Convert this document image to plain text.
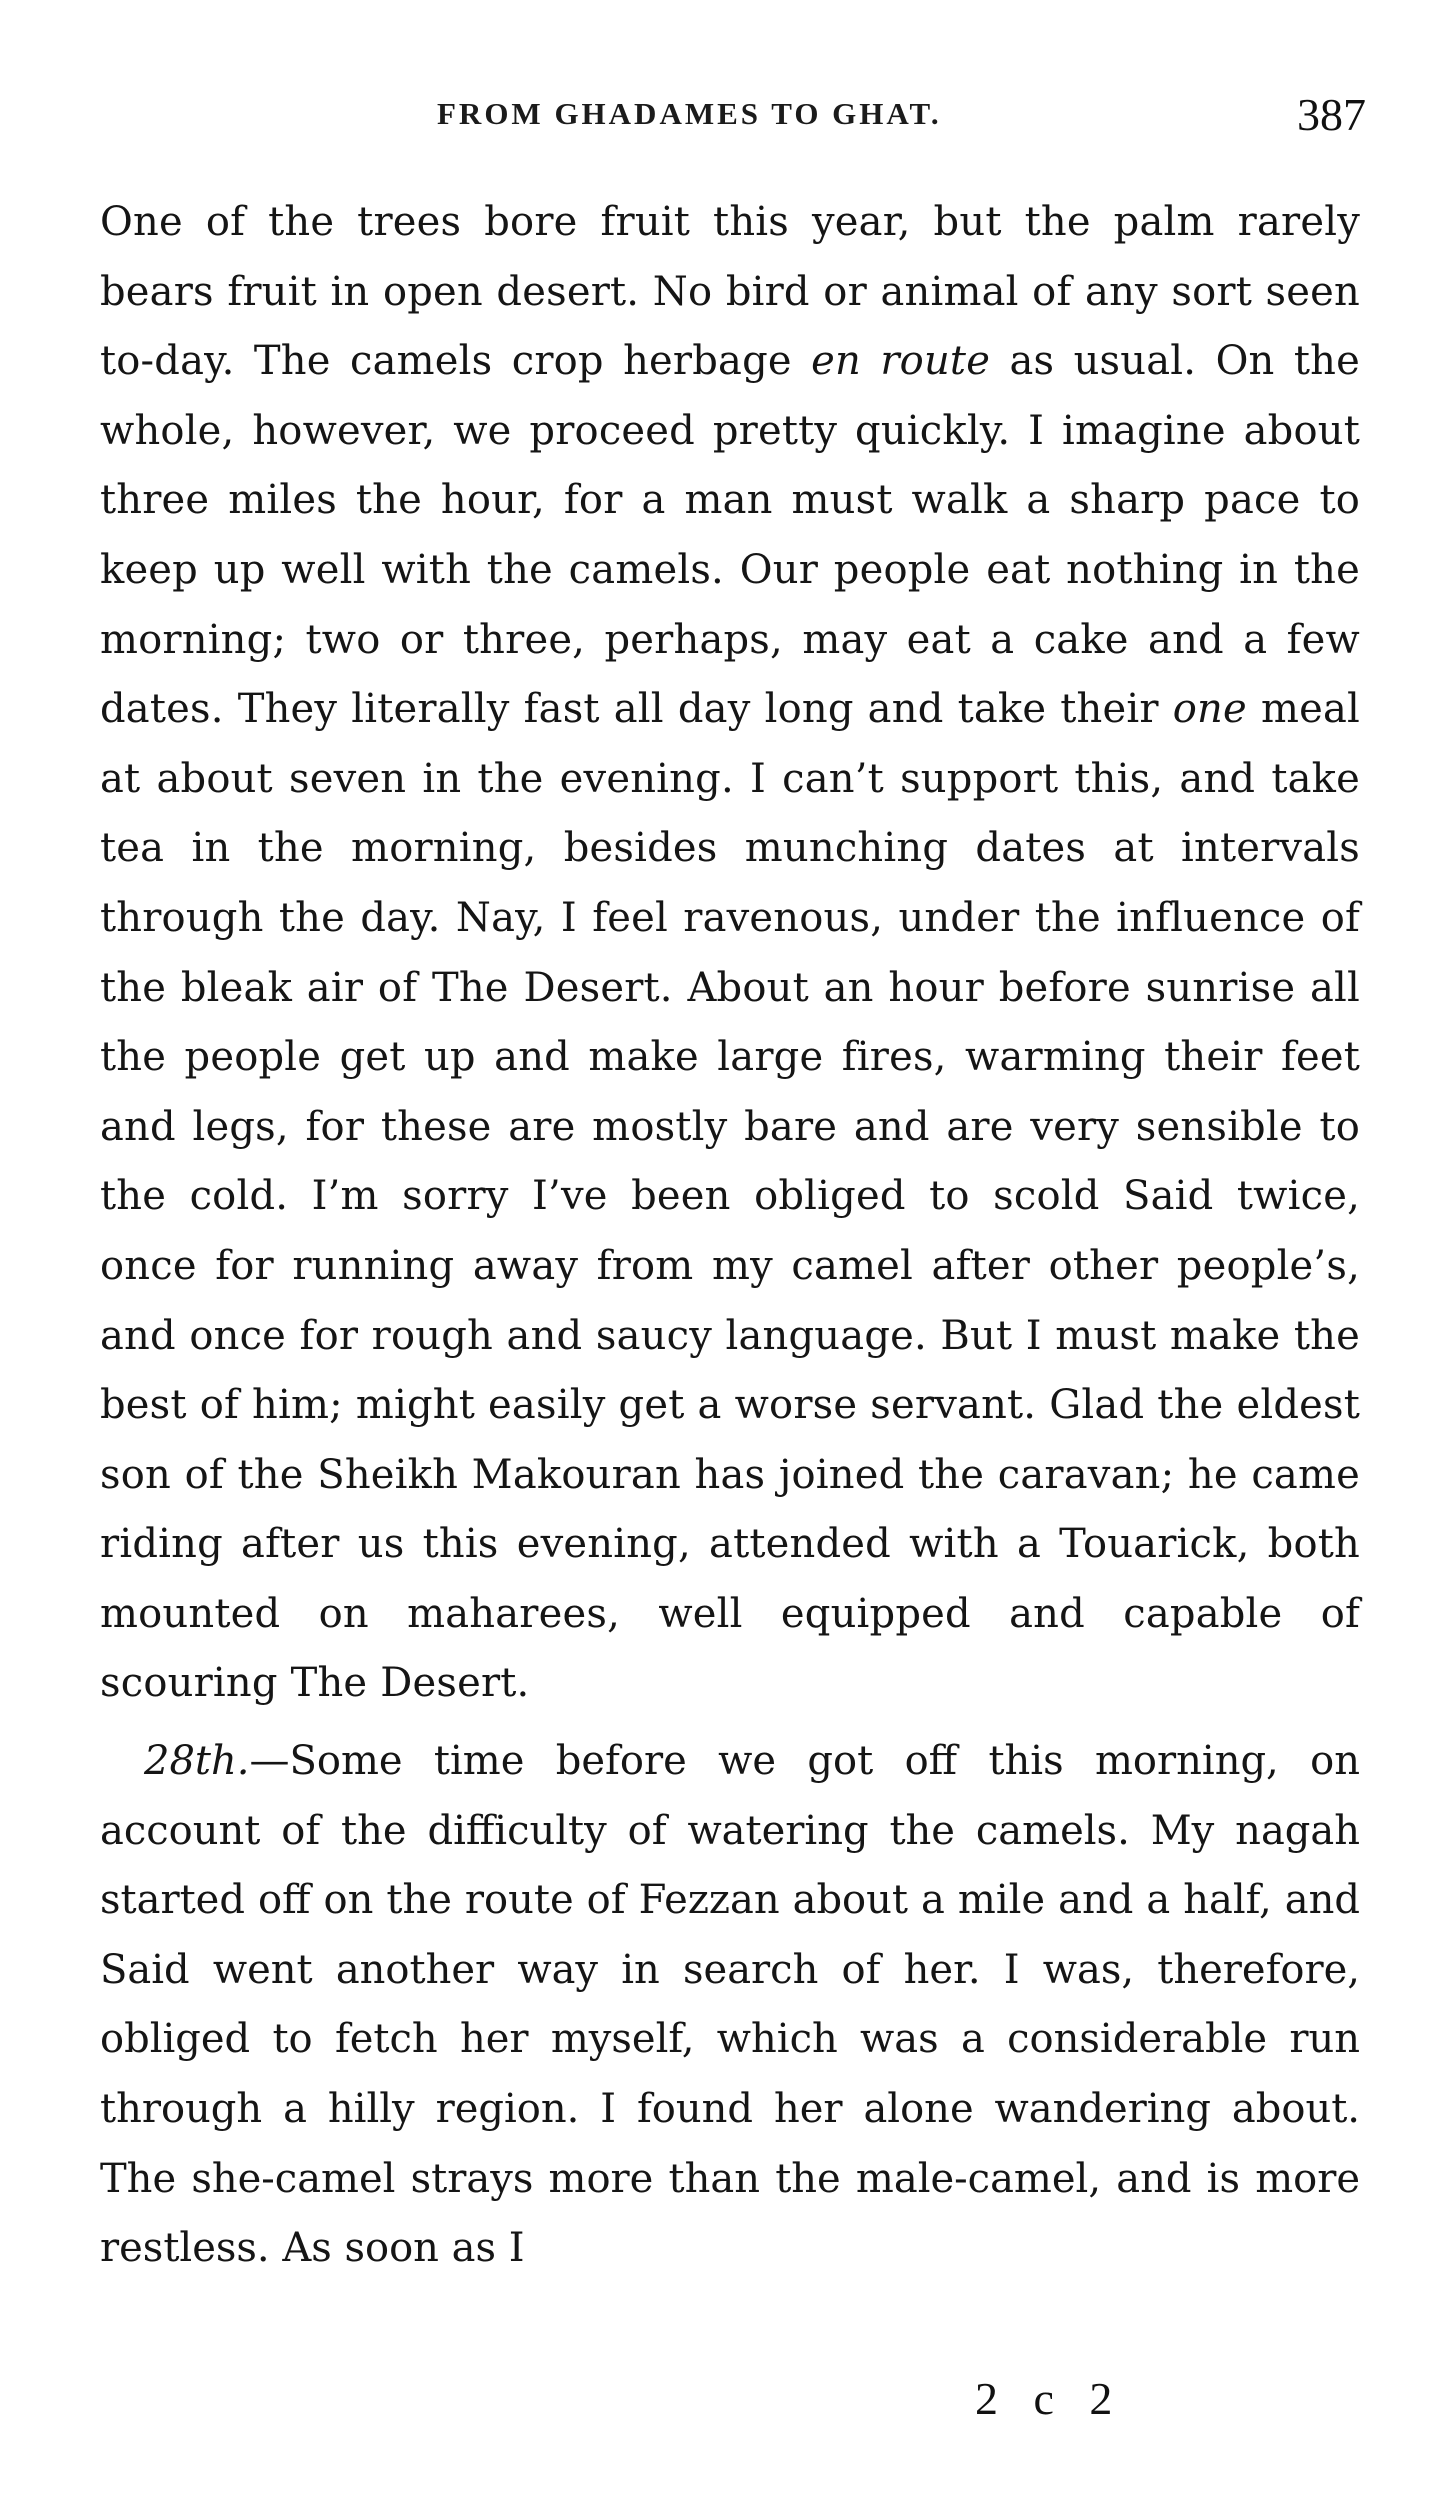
FROM GHADAMES TO GHAT.	387

One of the trees bore fruit this year, but the palm rarely bears fruit in open desert. No bird or animal of any sort seen to-day. The camels crop herbage en route as usual. On the whole, however, we proceed pretty quickly. I imagine about three miles the hour, for a man must walk a sharp pace to keep up well with the camels. Our people eat nothing in the morning; two or three, perhaps, may eat a cake and a few dates. They literally fast all day long and take their one meal at about seven in the evening. I can’t support this, and take tea in the morning, besides munching dates at intervals through the day. Nay, I feel ravenous, under the influence of the bleak air of The Desert. About an hour before sunrise all the people get up and make large fires, warming their feet and legs, for these are mostly bare and are very sensible to the cold. I’m sorry I’ve been obliged to scold Said twice, once for running away from my camel after other people’s, and once for rough and saucy language. But I must make the best of him; might easily get a worse servant. Glad the eldest son of the Sheikh Makouran has joined the caravan; he came riding after us this evening, attended with a Touarick, both mounted on maharees, well equipped and capable of scouring The Desert.

28th.—Some time before we got off this morning, on account of the difficulty of watering the camels. My nagah started off on the route of Fezzan about a mile and a half, and Said went another way in search of her. I was, therefore, obliged to fetch her myself, which was a considerable run through a hilly region. I found her alone wandering about. The she-camel strays more than the male-camel, and is more restless. As soon as I

2 c 2
